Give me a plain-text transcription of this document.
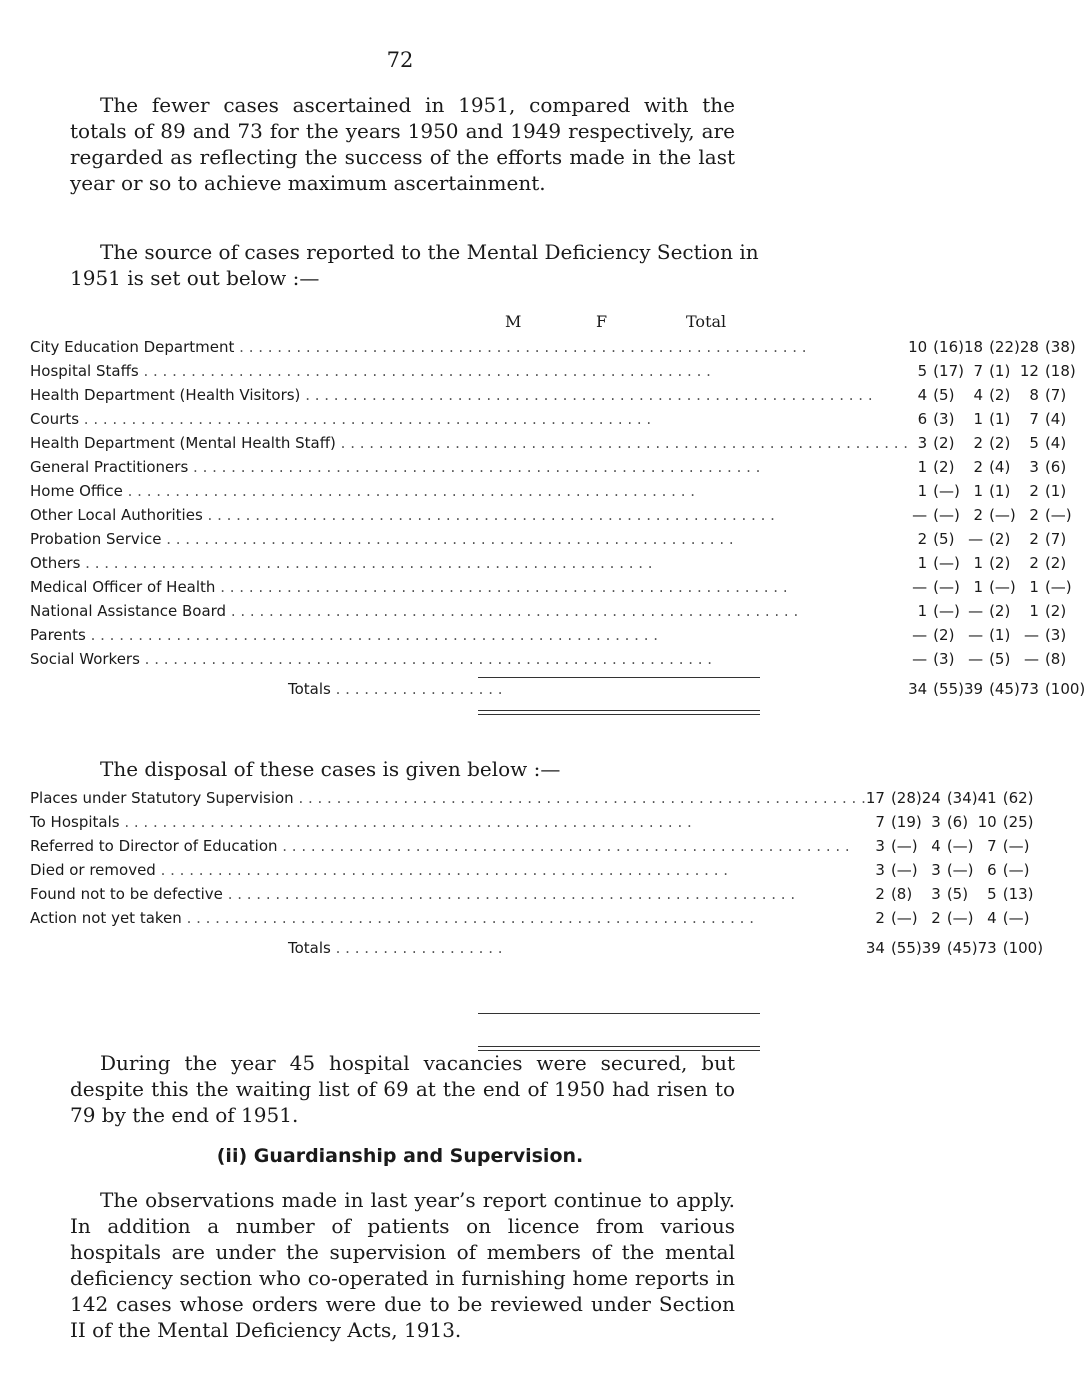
72

The fewer cases ascertained in 1951, compared with the totals of 89 and 73 for the years 1950 and 1949 respectively, are regarded as reflecting the success of the efforts made in the last year or so to achieve maximum ascertainment.

The source of cases reported to the Mental Deficiency Section in
1951 is set out below :—
M	F	Total
City Education Department . . . . . . . . . . . . . . . . . . . . . . . . . . . . . . . . . . . . . . . . . . . . . . . . . . . . . . . . . . . .	10	(16)	18	(22)	28	(38)
Hospital Staffs . . . . . . . . . . . . . . . . . . . . . . . . . . . . . . . . . . . . . . . . . . . . . . . . . . . . . . . . . . . .	5	(17)	7	(1)	12	(18)
Health Department (Health Visitors) . . . . . . . . . . . . . . . . . . . . . . . . . . . . . . . . . . . . . . . . . . . . . . . . . . . . . . . . . . . .	4	(5)	4	(2)	8	(7)
Courts . . . . . . . . . . . . . . . . . . . . . . . . . . . . . . . . . . . . . . . . . . . . . . . . . . . . . . . . . . . .	6	(3)	1	(1)	7	(4)
Health Department (Mental Health Staff) . . . . . . . . . . . . . . . . . . . . . . . . . . . . . . . . . . . . . . . . . . . . . . . . . . . . . . . . . . . .	3	(2)	2	(2)	5	(4)
General Practitioners . . . . . . . . . . . . . . . . . . . . . . . . . . . . . . . . . . . . . . . . . . . . . . . . . . . . . . . . . . . .	1	(2)	2	(4)	3	(6)
Home Office . . . . . . . . . . . . . . . . . . . . . . . . . . . . . . . . . . . . . . . . . . . . . . . . . . . . . . . . . . . .	1	(—)	1	(1)	2	(1)
Other Local Authorities . . . . . . . . . . . . . . . . . . . . . . . . . . . . . . . . . . . . . . . . . . . . . . . . . . . . . . . . . . . .	—	(—)	2	(—)	2	(—)
Probation Service . . . . . . . . . . . . . . . . . . . . . . . . . . . . . . . . . . . . . . . . . . . . . . . . . . . . . . . . . . . .	2	(5)	—	(2)	2	(7)
Others . . . . . . . . . . . . . . . . . . . . . . . . . . . . . . . . . . . . . . . . . . . . . . . . . . . . . . . . . . . .	1	(—)	1	(2)	2	(2)
Medical Officer of Health . . . . . . . . . . . . . . . . . . . . . . . . . . . . . . . . . . . . . . . . . . . . . . . . . . . . . . . . . . . .	—	(—)	1	(—)	1	(—)
National Assistance Board . . . . . . . . . . . . . . . . . . . . . . . . . . . . . . . . . . . . . . . . . . . . . . . . . . . . . . . . . . . .	1	(—)	—	(2)	1	(2)
Parents . . . . . . . . . . . . . . . . . . . . . . . . . . . . . . . . . . . . . . . . . . . . . . . . . . . . . . . . . . . .	—	(2)	—	(1)	—	(3)
Social Workers . . . . . . . . . . . . . . . . . . . . . . . . . . . . . . . . . . . . . . . . . . . . . . . . . . . . . . . . . . . .	—	(3)	—	(5)	—	(8)
Totals . . . . . . . . . . . . . . . . . .	34	(55)	39	(45)	73	(100)
The disposal of these cases is given below :—
Places under Statutory Supervision . . . . . . . . . . . . . . . . . . . . . . . . . . . . . . . . . . . . . . . . . . . . . . . . . . . . . . . . . . . .	17	(28)	24	(34)	41	(62)
To Hospitals . . . . . . . . . . . . . . . . . . . . . . . . . . . . . . . . . . . . . . . . . . . . . . . . . . . . . . . . . . . .	7	(19)	3	(6)	10	(25)
Referred to Director of Education . . . . . . . . . . . . . . . . . . . . . . . . . . . . . . . . . . . . . . . . . . . . . . . . . . . . . . . . . . . .	3	(—)	4	(—)	7	(—)
Died or removed . . . . . . . . . . . . . . . . . . . . . . . . . . . . . . . . . . . . . . . . . . . . . . . . . . . . . . . . . . . .	3	(—)	3	(—)	6	(—)
Found not to be defective . . . . . . . . . . . . . . . . . . . . . . . . . . . . . . . . . . . . . . . . . . . . . . . . . . . . . . . . . . . .	2	(8)	3	(5)	5	(13)
Action not yet taken . . . . . . . . . . . . . . . . . . . . . . . . . . . . . . . . . . . . . . . . . . . . . . . . . . . . . . . . . . . .	2	(—)	2	(—)	4	(—)
Totals . . . . . . . . . . . . . . . . . .	34	(55)	39	(45)	73	(100)

During the year 45 hospital vacancies were secured, but despite this the waiting list of 69 at the end of 1950 had risen to 79 by the end of 1951.

(ii) Guardianship and Supervision.

The observations made in last year’s report continue to apply. In addition a number of patients on licence from various hospitals are under the supervision of members of the mental deficiency section who co-operated in furnishing home reports in 142 cases whose orders were due to be reviewed under Section II of the Mental Deficiency Acts, 1913.
